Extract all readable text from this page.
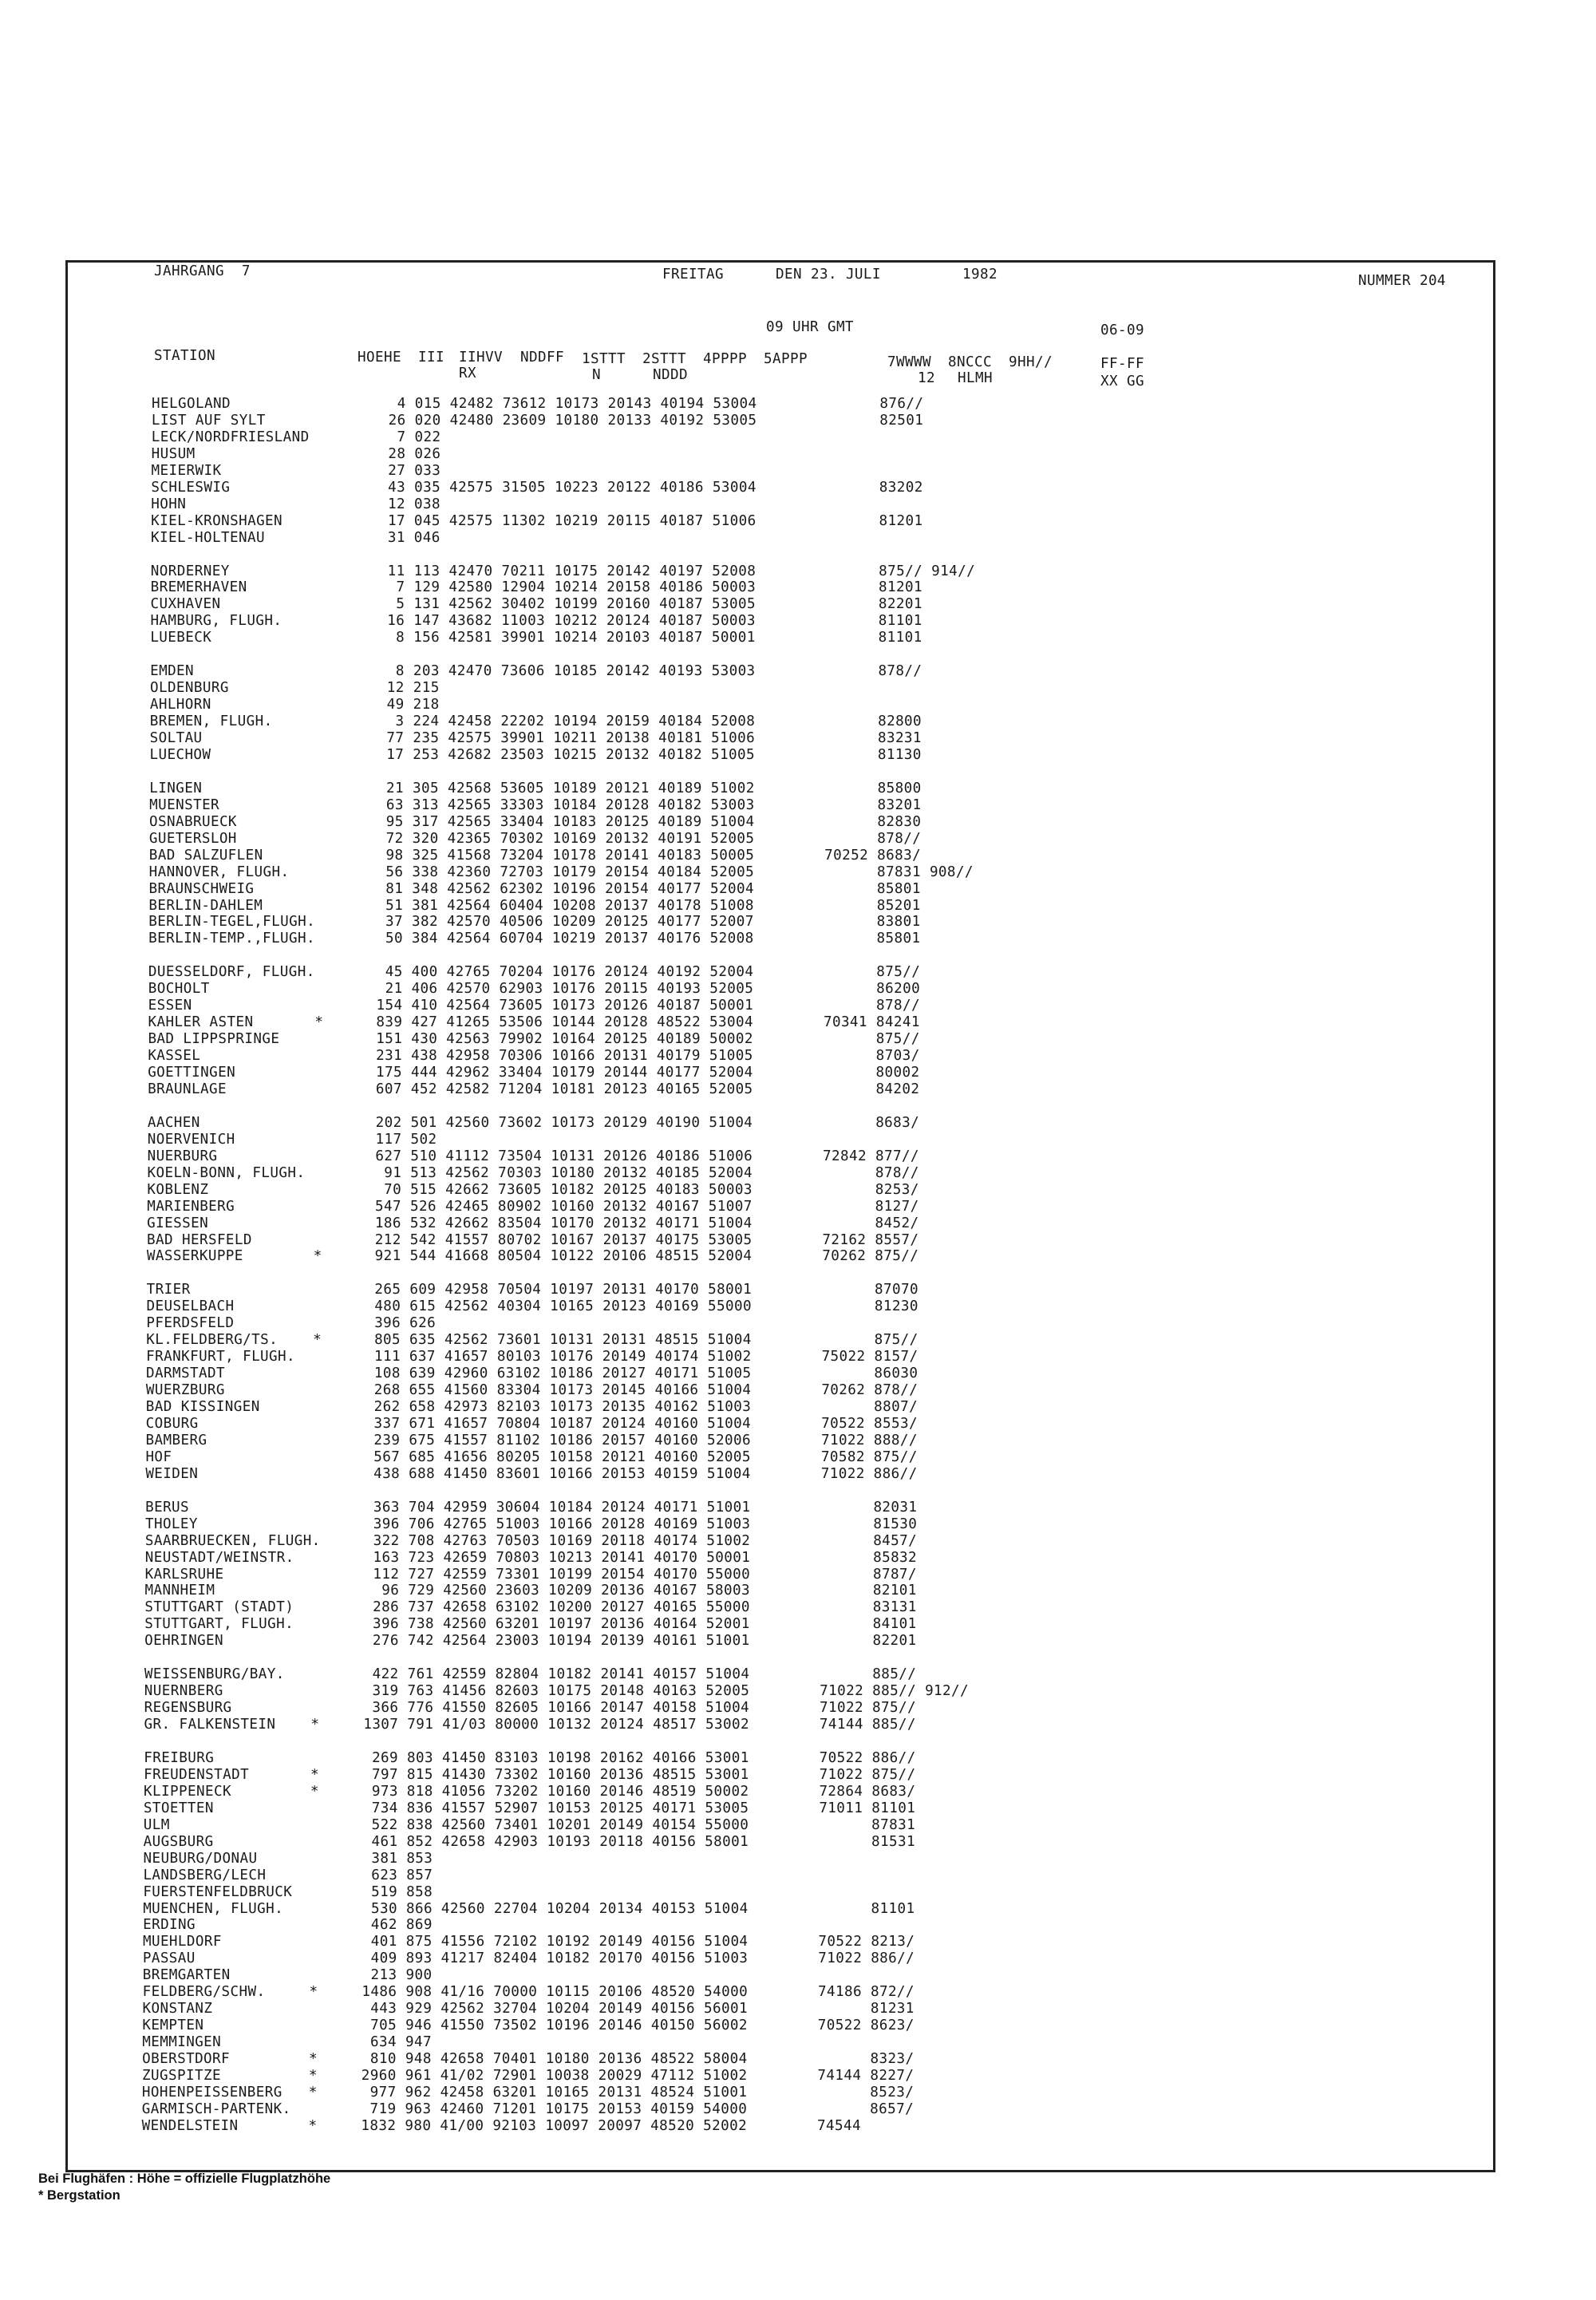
JAHRGANG  7	FREITAG	DEN 23. JULI	1982	NUMMER 204
09 UHR GMT	06-09
STATION	HOEHE III IIHVV NDDFF 1STTT 2STTT 4PPPP 5APPP	7WWWW 8NCCC 9HH//	FF-FF
RX	N	NDDD	12 HLMH	XX GG
HELGOLAND                   4 015 42482 73612 10173 20143 40194 53004              876//
LIST AUF SYLT              26 020 42480 23609 10180 20133 40192 53005              82501
LECK/NORDFRIESLAND          7 022
HUSUM                      28 026
MEIERWIK                   27 033
SCHLESWIG                  43 035 42575 31505 10223 20122 40186 53004              83202
HOHN                       12 038
KIEL-KRONSHAGEN            17 045 42575 11302 10219 20115 40187 51006              81201
KIEL-HOLTENAU              31 046
NORDERNEY                  11 113 42470 70211 10175 20142 40197 52008              875// 914//
BREMERHAVEN                 7 129 42580 12904 10214 20158 40186 50003              81201
CUXHAVEN                    5 131 42562 30402 10199 20160 40187 53005              82201
HAMBURG, FLUGH.            16 147 43682 11003 10212 20124 40187 50003              81101
LUEBECK                     8 156 42581 39901 10214 20103 40187 50001              81101
EMDEN                       8 203 42470 73606 10185 20142 40193 53003              878//
OLDENBURG                  12 215
AHLHORN                    49 218
BREMEN, FLUGH.              3 224 42458 22202 10194 20159 40184 52008              82800
SOLTAU                     77 235 42575 39901 10211 20138 40181 51006              83231
LUECHOW                    17 253 42682 23503 10215 20132 40182 51005              81130
LINGEN                     21 305 42568 53605 10189 20121 40189 51002              85800
MUENSTER                   63 313 42565 33303 10184 20128 40182 53003              83201
OSNABRUECK                 95 317 42565 33404 10183 20125 40189 51004              82830
GUETERSLOH                 72 320 42365 70302 10169 20132 40191 52005              878//
BAD SALZUFLEN              98 325 41568 73204 10178 20141 40183 50005        70252 8683/
HANNOVER, FLUGH.           56 338 42360 72703 10179 20154 40184 52005              87831 908//
BRAUNSCHWEIG               81 348 42562 62302 10196 20154 40177 52004              85801
BERLIN-DAHLEM              51 381 42564 60404 10208 20137 40178 51008              85201
BERLIN-TEGEL,FLUGH.        37 382 42570 40506 10209 20125 40177 52007              83801
BERLIN-TEMP.,FLUGH.        50 384 42564 60704 10219 20137 40176 52008              85801
DUESSELDORF, FLUGH.        45 400 42765 70204 10176 20124 40192 52004              875//
BOCHOLT                    21 406 42570 62903 10176 20115 40193 52005              86200
ESSEN                     154 410 42564 73605 10173 20126 40187 50001              878//
KAHLER ASTEN       *      839 427 41265 53506 10144 20128 48522 53004        70341 84241
BAD LIPPSPRINGE           151 430 42563 79902 10164 20125 40189 50002              875//
KASSEL                    231 438 42958 70306 10166 20131 40179 51005              8703/
GOETTINGEN                175 444 42962 33404 10179 20144 40177 52004              80002
BRAUNLAGE                 607 452 42582 71204 10181 20123 40165 52005              84202
AACHEN                    202 501 42560 73602 10173 20129 40190 51004              8683/
NOERVENICH                117 502
NUERBURG                  627 510 41112 73504 10131 20126 40186 51006        72842 877//
KOELN-BONN, FLUGH.         91 513 42562 70303 10180 20132 40185 52004              878//
KOBLENZ                    70 515 42662 73605 10182 20125 40183 50003              8253/
MARIENBERG                547 526 42465 80902 10160 20132 40167 51007              8127/
GIESSEN                   186 532 42662 83504 10170 20132 40171 51004              8452/
BAD HERSFELD              212 542 41557 80702 10167 20137 40175 53005        72162 8557/
WASSERKUPPE        *      921 544 41668 80504 10122 20106 48515 52004        70262 875//
TRIER                     265 609 42958 70504 10197 20131 40170 58001              87070
DEUSELBACH                480 615 42562 40304 10165 20123 40169 55000              81230
PFERDSFELD                396 626
KL.FELDBERG/TS.    *      805 635 42562 73601 10131 20131 48515 51004              875//
FRANKFURT, FLUGH.         111 637 41657 80103 10176 20149 40174 51002        75022 8157/
DARMSTADT                 108 639 42960 63102 10186 20127 40171 51005              86030
WUERZBURG                 268 655 41560 83304 10173 20145 40166 51004        70262 878//
BAD KISSINGEN             262 658 42973 82103 10173 20135 40162 51003              8807/
COBURG                    337 671 41657 70804 10187 20124 40160 51004        70522 8553/
BAMBERG                   239 675 41557 81102 10186 20157 40160 52006        71022 888//
HOF                       567 685 41656 80205 10158 20121 40160 52005        70582 875//
WEIDEN                    438 688 41450 83601 10166 20153 40159 51004        71022 886//
BERUS                     363 704 42959 30604 10184 20124 40171 51001              82031
THOLEY                    396 706 42765 51003 10166 20128 40169 51003              81530
SAARBRUECKEN, FLUGH.      322 708 42763 70503 10169 20118 40174 51002              8457/
NEUSTADT/WEINSTR.         163 723 42659 70803 10213 20141 40170 50001              85832
KARLSRUHE                 112 727 42559 73301 10199 20154 40170 55000              8787/
MANNHEIM                   96 729 42560 23603 10209 20136 40167 58003              82101
STUTTGART (STADT)         286 737 42658 63102 10200 20127 40165 55000              83131
STUTTGART, FLUGH.         396 738 42560 63201 10197 20136 40164 52001              84101
OEHRINGEN                 276 742 42564 23003 10194 20139 40161 51001              82201
WEISSENBURG/BAY.          422 761 42559 82804 10182 20141 40157 51004              885//
NUERNBERG                 319 763 41456 82603 10175 20148 40163 52005        71022 885// 912//
REGENSBURG                366 776 41550 82605 10166 20147 40158 51004        71022 875//
GR. FALKENSTEIN    *     1307 791 41/03 80000 10132 20124 48517 53002        74144 885//
FREIBURG                  269 803 41450 83103 10198 20162 40166 53001        70522 886//
FREUDENSTADT       *      797 815 41430 73302 10160 20136 48515 53001        71022 875//
KLIPPENECK         *      973 818 41056 73202 10160 20146 48519 50002        72864 8683/
STOETTEN                  734 836 41557 52907 10153 20125 40171 53005        71011 81101
ULM                       522 838 42560 73401 10201 20149 40154 55000              87831
AUGSBURG                  461 852 42658 42903 10193 20118 40156 58001              81531
NEUBURG/DONAU             381 853
LANDSBERG/LECH            623 857
FUERSTENFELDBRUCK         519 858
MUENCHEN, FLUGH.          530 866 42560 22704 10204 20134 40153 51004              81101
ERDING                    462 869
MUEHLDORF                 401 875 41556 72102 10192 20149 40156 51004        70522 8213/
PASSAU                    409 893 41217 82404 10182 20170 40156 51003        71022 886//
BREMGARTEN                213 900
FELDBERG/SCHW.     *     1486 908 41/16 70000 10115 20106 48520 54000        74186 872//
KONSTANZ                  443 929 42562 32704 10204 20149 40156 56001              81231
KEMPTEN                   705 946 41550 73502 10196 20146 40150 56002        70522 8623/
MEMMINGEN                 634 947
OBERSTDORF         *      810 948 42658 70401 10180 20136 48522 58004              8323/
ZUGSPITZE          *     2960 961 41/02 72901 10038 20029 47112 51002        74144 8227/
HOHENPEISSENBERG   *      977 962 42458 63201 10165 20131 48524 51001              8523/
GARMISCH-PARTENK.         719 963 42460 71201 10175 20153 40159 54000              8657/
WENDELSTEIN        *     1832 980 41/00 92103 10097 20097 48520 52002        74544
Bei Flughäfen : Höhe = offizielle Flugplatzhöhe
* Bergstation
